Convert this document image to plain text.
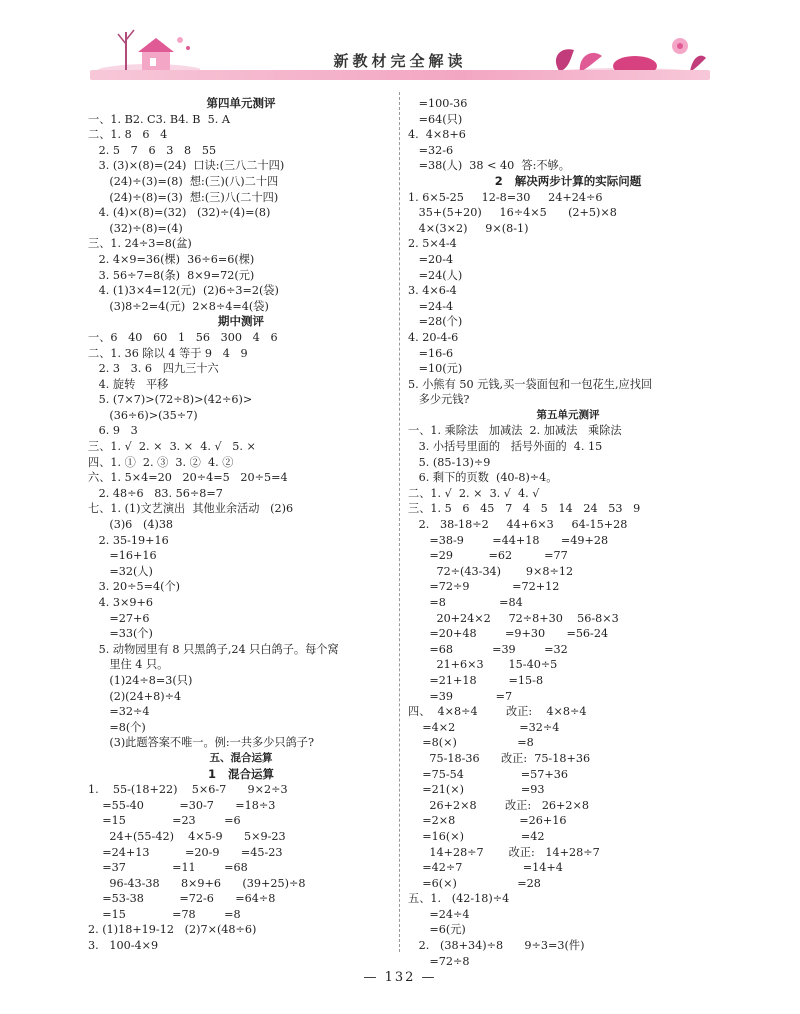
新教材完全解读
第四单元测评
一、1. B2. C3. B4. B  5. A
二、1. 8   6   4
2. 5   7   6   3   8   55
3. (3)×(8)=(24)  口诀:(三八二十四)
(24)÷(3)=(8)  想:(三)(八)二十四
(24)÷(8)=(3)  想:(三)八(二十四)
4. (4)×(8)=(32)   (32)÷(4)=(8)
(32)÷(8)=(4)
三、1. 24÷3=8(盆)
2. 4×9=36(棵)  36÷6=6(棵)
3. 56÷7=8(条)  8×9=72(元)
4. (1)3×4=12(元)  (2)6÷3=2(袋)
(3)8÷2=4(元)  2×8÷4=4(袋)
期中测评
一、6   40   60   1   56   300   4   6
二、1. 36 除以 4 等于 9   4   9
2. 3   3. 6   四九三十六
4. 旋转   平移
5. (7×7)>(72÷8)>(42÷6)>
(36÷6)>(35÷7)
6. 9   3
三、1. √  2. ×  3. ×  4. √   5. ×
四、1. ①  2. ③  3. ②  4. ②
六、1. 5×4=20   20÷4=5   20÷5=4
2. 48÷6   83. 56÷8=7
七、1. (1)文艺演出  其他业余活动   (2)6
(3)6   (4)38
2. 35-19+16
=16+16
=32(人)
3. 20÷5=4(个)
4. 3×9+6
=27+6
=33(个)
5. 动物园里有 8 只黑鸽子,24 只白鸽子。每个窝
里住 4 只。
(1)24÷8=3(只)
(2)(24+8)÷4
=32÷4
=8(个)
(3)此题答案不唯一。例:一共多少只鸽子?
五、混合运算
1   混合运算
1.    55-(18+22)    5×6-7      9×2÷3
=55-40          =30-7      =18÷3
=15             =23        =6
24+(55-42)    4×5-9      5×9-23
=24+13          =20-9      =45-23
=37             =11        =68
96-43-38      8×9+6      (39+25)÷8
=53-38          =72-6      =64÷8
=15             =78        =8
2. (1)18+19-12   (2)7×(48÷6)
3.   100-4×9
=100-36
=64(只)
4.  4×8+6
=32-6
=38(人)  38 < 40  答:不够。
2   解决两步计算的实际问题
1. 6×5-25     12-8=30     24+24÷6
35+(5+20)     16÷4×5      (2+5)×8
4×(3×2)     9×(8-1)
2. 5×4-4
=20-4
=24(人)
3. 4×6-4
=24-4
=28(个)
4. 20-4-6
=16-6
=10(元)
5. 小熊有 50 元钱,买一袋面包和一包花生,应找回
多少元钱?
第五单元测评
一、1. 乘除法   加减法  2. 加减法   乘除法
3. 小括号里面的   括号外面的  4. 15
5. (85-13)÷9
6. 剩下的页数  (40-8)÷4。
二、1. √  2. ×  3. √  4. √
三、1. 5   6   45   7   4   5   14   24   53   9
2.   38-18÷2     44+6×3     64-15+28
=38-9        =44+18      =49+28
=29          =62         =77
72÷(43-34)       9×8÷12
=72÷9            =72+12
=8               =84
20+24×2     72÷8+30    56-8×3
=20+48        =9+30      =56-24
=68           =39        =32
21+6×3       15-40÷5
=21+18         =15-8
=39            =7
四、  4×8÷4        改正:    4×8÷4
=4×2                  =32÷4
=8(×)                 =8
75-18-36      改正:  75-18+36
=75-54                =57+36
=21(×)                =93
26+2×8        改正:   26+2×8
=2×8                  =26+16
=16(×)                =42
14+28÷7       改正:   14+28÷7
=42÷7                 =14+4
=6(×)                 =28
五、1.   (42-18)÷4
=24÷4
=6(元)
2.   (38+34)÷8      9÷3=3(件)
=72÷8
— 132 —
